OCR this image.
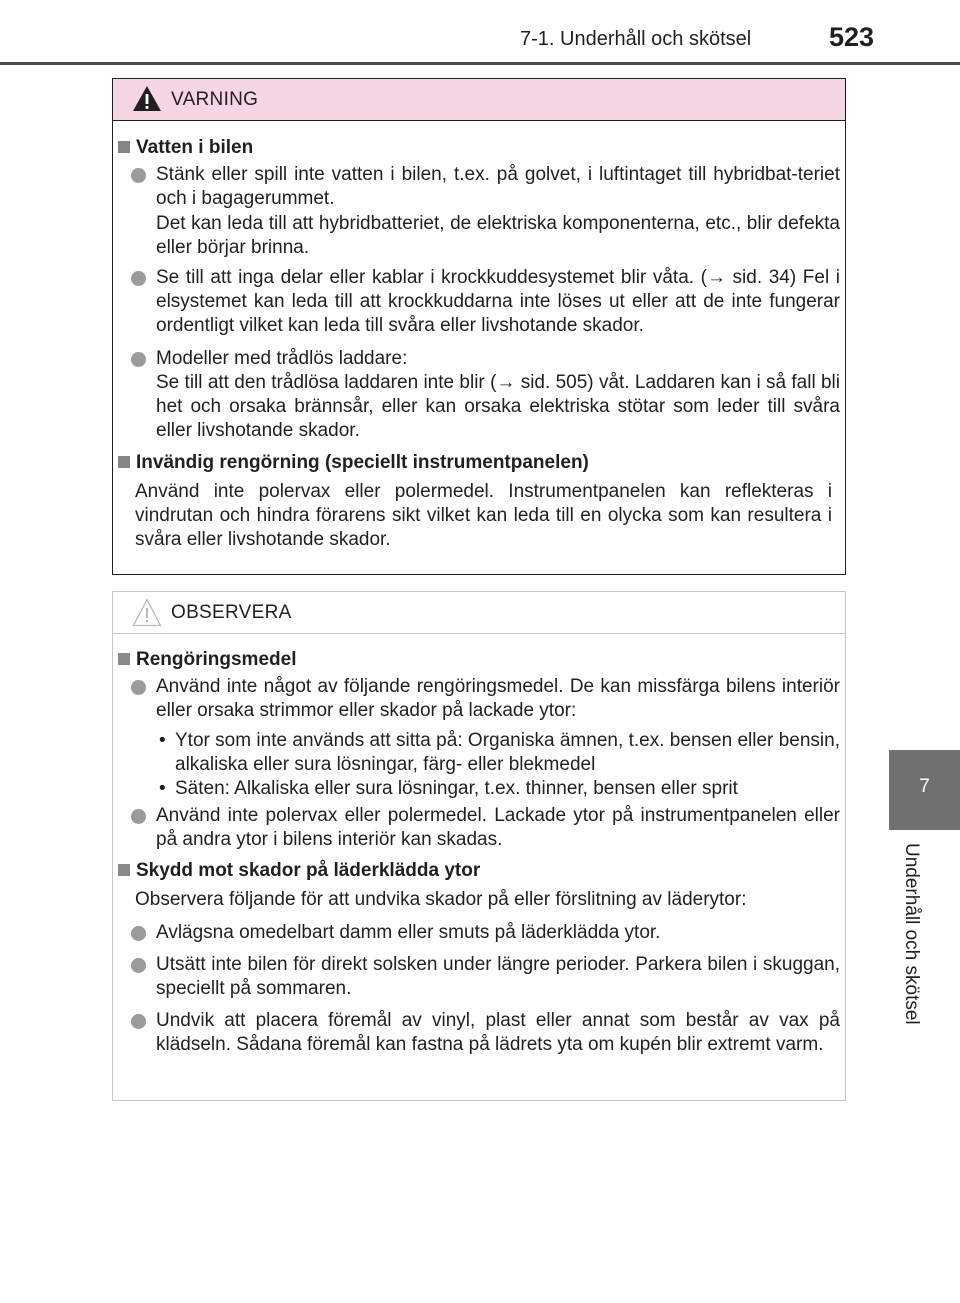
7-1. Underhåll och skötsel	523
7
Underhåll och skötsel
VARNING
Vatten i bilen
Stänk eller spill inte vatten i bilen, t.ex. på golvet, i luftintaget till hybridbat-teriet och i bagagerummet.
Det kan leda till att hybridbatteriet, de elektriska komponenterna, etc., blir defekta eller börjar brinna.
Se till att inga delar eller kablar i krockkuddesystemet blir våta. (→ sid. 34) Fel i elsystemet kan leda till att krockkuddarna inte löses ut eller att de inte fungerar ordentligt vilket kan leda till svåra eller livshotande skador.
Modeller med trådlös laddare:
Se till att den trådlösa laddaren inte blir (→ sid. 505) våt. Laddaren kan i så fall bli het och orsaka brännsår, eller kan orsaka elektriska stötar som leder till svåra eller livshotande skador.
Invändig rengörning (speciellt instrumentpanelen)
Använd inte polervax eller polermedel. Instrumentpanelen kan reflekteras i vindrutan och hindra förarens sikt vilket kan leda till en olycka som kan resultera i svåra eller livshotande skador.
OBSERVERA
Rengöringsmedel
Använd inte något av följande rengöringsmedel. De kan missfärga bilens interiör eller orsaka strimmor eller skador på lackade ytor:
• Ytor som inte används att sitta på: Organiska ämnen, t.ex. bensen eller bensin, alkaliska eller sura lösningar, färg- eller blekmedel
• Säten: Alkaliska eller sura lösningar, t.ex. thinner, bensen eller sprit
Använd inte polervax eller polermedel. Lackade ytor på instrumentpanelen eller på andra ytor i bilens interiör kan skadas.
Skydd mot skador på läderklädda ytor
Observera följande för att undvika skador på eller förslitning av läderytor:
Avlägsna omedelbart damm eller smuts på läderklädda ytor.
Utsätt inte bilen för direkt solsken under längre perioder. Parkera bilen i skuggan, speciellt på sommaren.
Undvik att placera föremål av vinyl, plast eller annat som består av vax på klädseln. Sådana föremål kan fastna på lädrets yta om kupén blir extremt varm.
